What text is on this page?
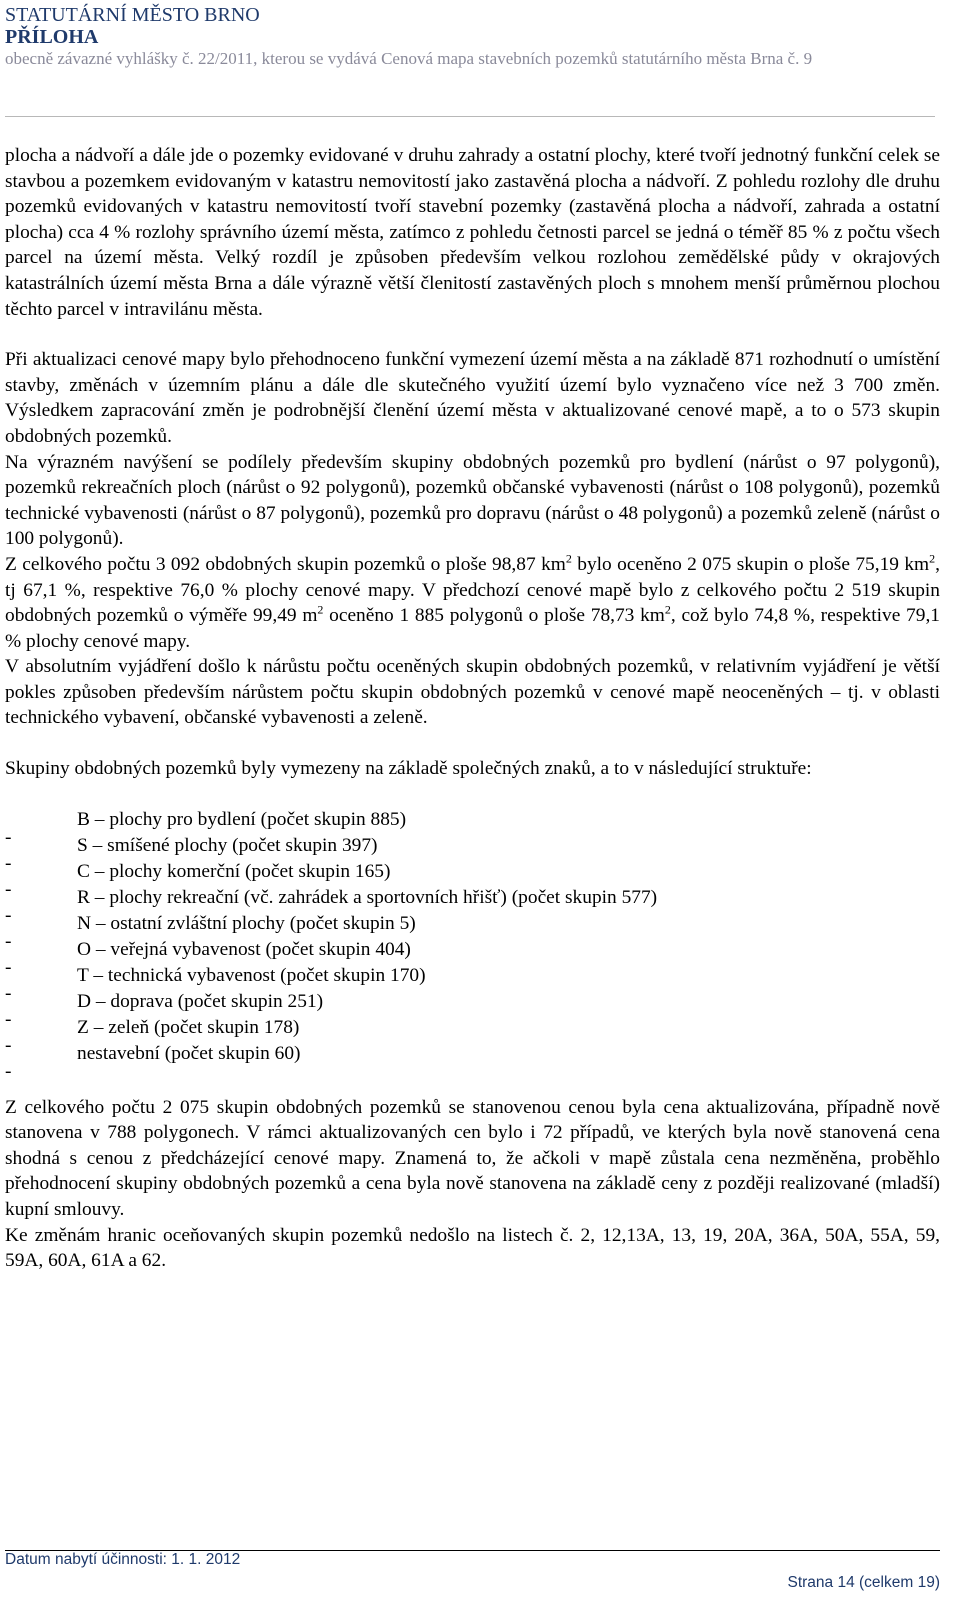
STATUTÁRNÍ MĚSTO BRNO
PŘÍLOHA
obecně závazné vyhlášky č. 22/2011, kterou se vydává Cenová mapa stavebních pozemků statutárního města Brna č. 9

plocha a nádvoří a dále jde o pozemky evidované v druhu zahrady a ostatní plochy, které tvoří jednotný funkční celek se stavbou a pozemkem evidovaným v katastru nemovitostí jako zastavěná plocha a nádvoří. Z pohledu rozlohy dle druhu pozemků evidovaných v katastru nemovitostí tvoří stavební pozemky (zastavěná plocha a nádvoří, zahrada a ostatní plocha) cca 4 % rozlohy správního území města, zatímco z pohledu četnosti parcel se jedná o téměř 85 % z počtu všech parcel na území města. Velký rozdíl je způsoben především velkou rozlohou zemědělské půdy v okrajových katastrálních území města Brna a dále výrazně větší členitostí zastavěných ploch s mnohem menší průměrnou plochou těchto parcel v intravilánu města.

Při aktualizaci cenové mapy bylo přehodnoceno funkční vymezení území města a na základě 871 rozhodnutí o umístění stavby, změnách v územním plánu a dále dle skutečného využití území bylo vyznačeno více než 3 700 změn. Výsledkem zapracování změn je podrobnější členění území města v aktualizované cenové mapě, a to o 573 skupin obdobných pozemků.

Na výrazném navýšení se podílely především skupiny obdobných pozemků pro bydlení (nárůst o 97 polygonů), pozemků rekreačních ploch (nárůst o 92 polygonů), pozemků občanské vybavenosti (nárůst o 108 polygonů), pozemků technické vybavenosti (nárůst o 87 polygonů), pozemků pro dopravu (nárůst o 48 polygonů) a pozemků zeleně (nárůst o 100 polygonů).

Z celkového počtu 3 092 obdobných skupin pozemků o ploše 98,87 $km^2$ bylo oceněno 2 075 skupin o ploše 75,19 $km^2$, tj 67,1 %, respektive 76,0 % plochy cenové mapy. V předchozí cenové mapě bylo z celkového počtu 2 519 skupin obdobných pozemků o výměře 99,49 $m^2$ oceněno 1 885 polygonů o ploše 78,73 $km^2$, což bylo 74,8 %, respektive 79,1 % plochy cenové mapy.

V absolutním vyjádření došlo k nárůstu počtu oceněných skupin obdobných pozemků, v relativním vyjádření je větší pokles způsoben především nárůstem počtu skupin obdobných pozemků v cenové mapě neoceněných – tj. v oblasti technického vybavení, občanské vybavenosti a zeleně.

Skupiny obdobných pozemků byly vymezeny na základě společných znaků, a to v následující struktuře:

-
-
-
-
-
-
-
-
-
-
B – plochy pro bydlení (počet skupin 885)
S – smíšené plochy (počet skupin 397)
C – plochy komerční (počet skupin 165)
R – plochy rekreační (vč. zahrádek a sportovních hřišť) (počet skupin 577)
N – ostatní zvláštní plochy (počet skupin 5)
O – veřejná vybavenost (počet skupin 404)
T – technická vybavenost (počet skupin 170)
D – doprava (počet skupin 251)
Z – zeleň (počet skupin 178)
nestavební (počet skupin 60)

Z celkového počtu 2 075 skupin obdobných pozemků se stanovenou cenou byla cena aktualizována, případně nově stanovena v 788 polygonech. V rámci aktualizovaných cen bylo i 72 případů, ve kterých byla nově stanovená cena shodná s cenou z předcházející cenové mapy. Znamená to, že ačkoli v mapě zůstala cena nezměněna, proběhlo přehodnocení skupiny obdobných pozemků a cena byla nově stanovena na základě ceny z později realizované (mladší) kupní smlouvy.

Ke změnám hranic oceňovaných skupin pozemků nedošlo na listech č. 2, 12,13A, 13, 19, 20A, 36A, 50A, 55A, 59, 59A, 60A, 61A a 62.

Datum nabytí účinnosti: 1. 1. 2012
Strana 14 (celkem 19)
